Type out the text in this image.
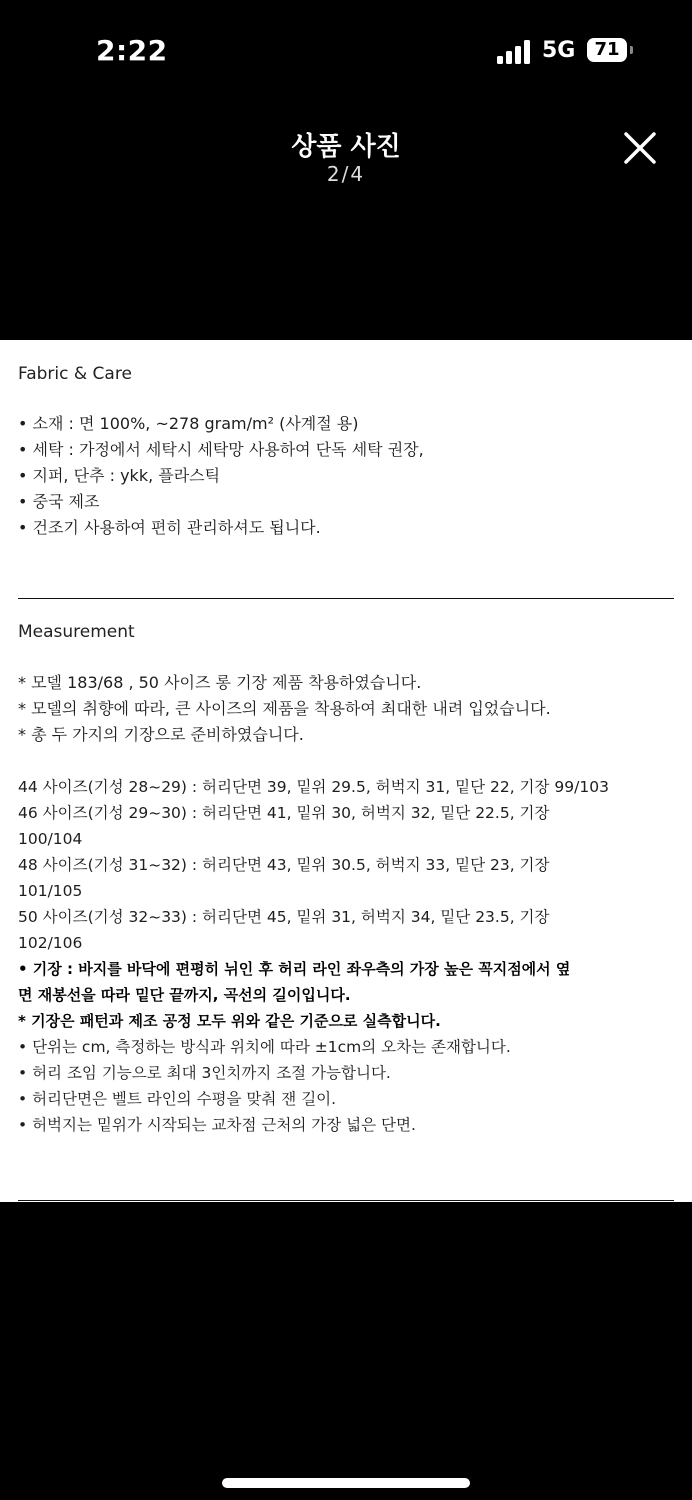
2:22	5G	71
상품 사진
2/4
Fabric & Care
• 소재 : 면 100%, ~278 gram/m² (사계절 용)
• 세탁 : 가정에서 세탁시 세탁망 사용하여 단독 세탁 권장,
• 지퍼, 단추 : ykk, 플라스틱
• 중국 제조
• 건조기 사용하여 편히 관리하셔도 됩니다.
Measurement
* 모델 183/68 , 50 사이즈 롱 기장 제품 착용하였습니다.
* 모델의 취향에 따라, 큰 사이즈의 제품을 착용하여 최대한 내려 입었습니다.
* 총 두 가지의 기장으로 준비하였습니다.
44 사이즈(기성 28~29) : 허리단면 39, 밑위 29.5, 허벅지 31, 밑단 22, 기장 99/103
46 사이즈(기성 29~30) : 허리단면 41, 밑위 30, 허벅지 32, 밑단 22.5, 기장
100/104
48 사이즈(기성 31~32) : 허리단면 43, 밑위 30.5, 허벅지 33, 밑단 23, 기장
101/105
50 사이즈(기성 32~33) : 허리단면 45, 밑위 31, 허벅지 34, 밑단 23.5, 기장
102/106
• 기장 : 바지를 바닥에 편평히 뉘인 후 허리 라인 좌우측의 가장 높은 꼭지점에서 옆
면 재봉선을 따라 밑단 끝까지, 곡선의 길이입니다.
* 기장은 패턴과 제조 공정 모두 위와 같은 기준으로 실측합니다.
• 단위는 cm, 측정하는 방식과 위치에 따라 ±1cm의 오차는 존재합니다.
• 허리 조임 기능으로 최대 3인치까지 조절 가능합니다.
• 허리단면은 벨트 라인의 수평을 맞춰 잰 길이.
• 허벅지는 밑위가 시작되는 교차점 근처의 가장 넓은 단면.
